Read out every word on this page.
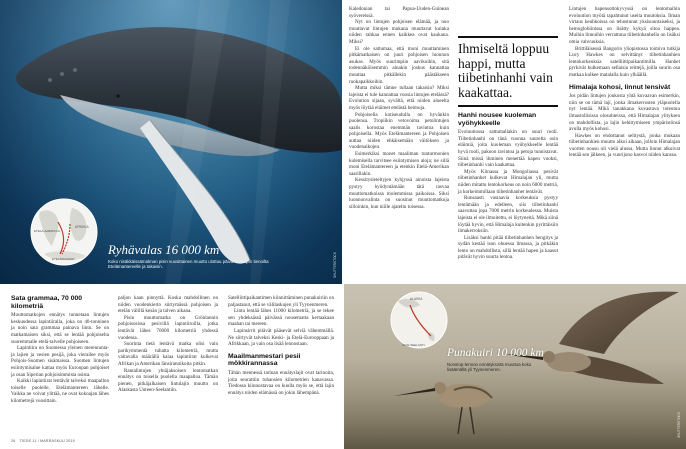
AFRIKKA
ETELÄ-AMERIKKA
ETELÄMANNER
Ryhävalas 16 000 km
Koko nisäkkäissämalman pisin vuosittainen muutto ulottuu päiväntasaajan tienoilta Etelämantereelle ja takaisin.	SHUTTERSTOCK

Kaledonian tai Papua-Uuden-Guinean syövereissä.

Nyt on lintujen pohjoisen elämää, ja nuo muuttavat lintujen mukana muuttavat kuinka niiden rahkaa ennen kaikkea ovat kaukana. Miksi?

Ei ole sattumaa, että moni muuttaminen pitkämatkaisen on juuri pohjoisen luonnon asukas. Myös suurimpiin aavikoihin, sitä todennäköisemmin ainakin joskus kannattaa muuttaa pitkällekin päästäkseen ruokapaikkoihin.

Mutta miksi tämne tullaan takaisin? Miksi lajeista ei tule kannattaa vuosia lintujen etelässä? Evolution sijaan, syvältä, että niiden alueelta myös löytää eläimet etelästä heimoja.

Pohjoisella kotiseudulla on hyvänkin puolensa. Tropiikin vetovoima petolintujen saalis korostaa enemmän ravintoa kuin pohjoisella. Myös Etelämantereen ja Pohjoisen auttaa niiden ehkäisemään väitöksen ja vuodenaikojen.

Esimerkiksi monet maaliman tunturmonien kulemisella tarvitsee esiintymisen aloja; ne sillä moni Etelämantereen ja etenkin Etelä-Amerikan saarillakin.

Kessitysleteltyjen kyhjyssä ainoista lajeista pystyy hyödyntämään tätä rasvaa muuttomatkoissa molemmissa paikoissa. Siksi luonnonvalinta on suosinut muuttomatkoja silloinkin, kun niille ajateltu toisessa.

Ihmiseltä loppuu happi, mutta tiibetinhanhi vain kaakattaa.
Hanhi nousee kuoleman vyöhykkeelle

Evoluutiossa sattumallakin on suuri rooli. Tiibetinhanhi on tänä vuonna suurelta osin eläimiä, joita kuoleman vyöhykkeelle lentää hyvä rooli, pakoon ravintoa ja petoja tunnistavat. Siinä missä ihminen menettää hapen vuoksi, tiibetinhanhi vain kaakattaa.

Myös Kiinassa ja Mongoliassa pesivät tiibetinhanhet kulkevat Himalajan yli, mutta niiden mitattu lentokorkeus on noin 6000 metriä, ja korkeimmillaan tiibetinhanhet lentävät.

Runsaasti vastaavia korkeuksia pystyy lentämään ja edelleen, siis tiibetinhanhi saavuttaa jopa 7000 metrin korkeudessa. Muista lajeista ei ole ilmoitettu, ei löytyneitä. Mikä siinä löytää hyvin, että Himalaja kuitenkin pyrittäisiin ilmakerroksiin.

Lisäksi hanhi pitää tiibetinhanhen hengitys ja sydän kestää ison ohuessa ilmassa, ja pitkäkin lento on mahdollista, sillä lentää hapen ja kaasut pitävät hyvin suurta lentoa.

Lintujen hapensottokyvyssä on lentomaihin evoluution myötä tapahtunut useita muutoksia. Ilman virtaus keuhkoissa on tehostunut yksisuuntaiseksi, ja hemoglobiinissa on lisätty kykyä sitoa happea. Muihin linnuihin verrattuna tiibetinhanhella on lisäksi omia vahvuuksia.

Brittiläisessä Bangorin yliopistossa toimiva tutkija Lucy Hawkes on selvittänyt tiibetinhanhien lentokorkeuksia satelliittipaikantimilla. Hanhet pyrkivät kulkemaan sellaisia reittejä, joilla suurin osa matkaa kulkee matalalla kuin ylhäällä.

Himalaja kohosi, linnut lensivät

Jos pidän lintujen joukosta yhtä kuvaavan esimerkin, niin se on tämä laji, jonka ilmakerrosten yläpuolella nyt lentää. Mikä tanakkana kuvastava toteutuu ilmastollisissa olosuhteissa, että Himalajan ylityksen on mahdollista, ja lajin kehittymiseen ympäristönsä avulla myös kohosi.

Hawkes on ehdottanut selitystä, jonka mukaan tiibetinhanhien muutto alkoi aikaan, jolloin Himalajan vuorten nousu oli vielä alussa. Mutta linnut alkoivat lentää sen jälkeen, ja vuorijono kasvoi niiden kanssa.

Sata grammaa, 70 000 kilometriä

Muuttomatkojen ennätys tunnetaan lintujen keskuudessa lapintiiralla, joka on 40-tonninen ja noin sata grammaa painava lintu. Se on matkamaisen siksi, että se lentää pohjoiselta suuremmalle etelä-talvelle pohjoiseen.

Lapintiira on Suomessa yleinen merenranta- ja lajien ja vesien pesijä, joka vierailee myös Pohjois-Suomen sisämaissa. Suomen lintujen esiintymisalue kattaa myös Euroopan pohjoiset ja osan Siperian pohjoisimmista osista.

Kaikki lapintiirat lentävät talveksi maapallon toiselle puolelle, Etelämantereen lähelle. Vaikka ne voivat ylittää, ne ovat kokoajan lähes kilometrejä vuosittain.

paljon kaan pinnyttä. Koska mahdollinen on niiden vuodenkierto siirtymässä pohjoisen ja etelän välillä kesän ja talven aikana.

Pisin muuttomatka on Grönlannin pohjoisosissa pesivillä lapintiiroilla, jotka lentävät lähes 70000 kilometriä yhdessä vuodessa.

Suorinta tietä lentävä matka olisi vain parikymmentä tuhatta kilometriä, mutta valtavalla määrällä kalaa lapintiirat kulkevat Afrikan ja Amerikan länsirannikoita pitkin.

Rantalintujen yhtäjaksoisen lentomatkan ennätys on toisella puolella maapalloa. Tämän pienen, pitkäjalkaisen lintulajin muutto on Alaskasta Uuteen-Seelantiin.

Satelliittipaikantimen kiinnittäminen punakuiriin on paljastanut, että se välilaskujen yli Tyynenmeren.

Lintu lentää lähes 11000 kilometriä, ja se tekee sen yhdeksässä päivässä nousematta kertaakaan maahan tai mereen.

Lapinsirrit pitävät pääsevät selviä vähemmällä. Ne siirtyvät talveksi Keski- ja Etelä-Eurooppaan ja Afrikkaan, ja vain osa lisää lennostaan.

Maailmanmestari pesii mökkirannassa

Tähän mennessä tarinan ennätyslajit ovat tarinoita, joita seurattiin tuhansien kilometrien kanavassa. Tiedossa kiinnostavaa on kuulla myös se, että lajin ennätys niiden elämässä on jokin lähempänä.

26 TIEDE 11 / MARRASKUU 2019
ALASKA
UUSI-SEELANTI
Punakuiri 10 000 km
Nonstop-lennon ennätyksistä muuttoa koko lisäämällä yli Tyynenmeren.
SHUTTERSTOCK
